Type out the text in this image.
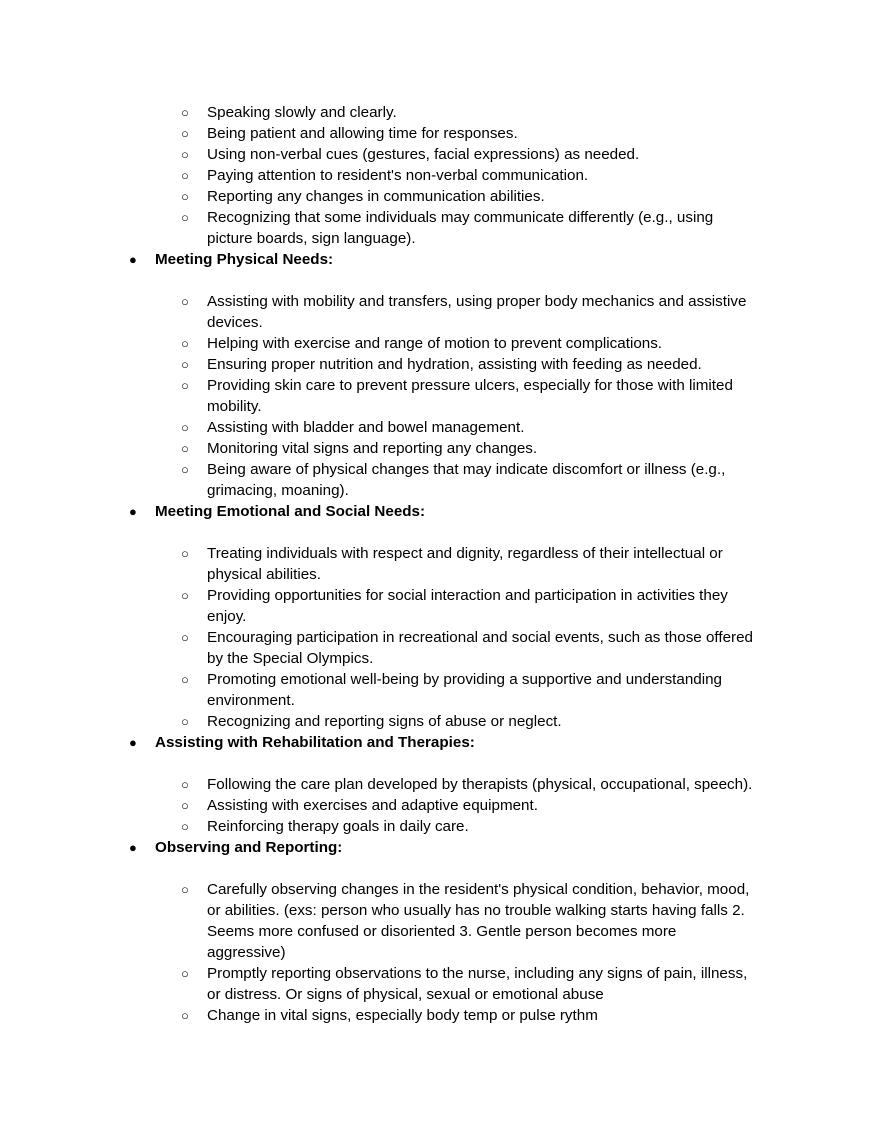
○ Speaking slowly and clearly.
○ Being patient and allowing time for responses.
○ Using non-verbal cues (gestures, facial expressions) as needed.
○ Paying attention to resident's non-verbal communication.
○ Reporting any changes in communication abilities.
○ Recognizing that some individuals may communicate differently (e.g., using
picture boards, sign language).
● Meeting Physical Needs:
○ Assisting with mobility and transfers, using proper body mechanics and assistive
devices.
○ Helping with exercise and range of motion to prevent complications.
○ Ensuring proper nutrition and hydration, assisting with feeding as needed.
○ Providing skin care to prevent pressure ulcers, especially for those with limited
mobility.
○ Assisting with bladder and bowel management.
○ Monitoring vital signs and reporting any changes.
○ Being aware of physical changes that may indicate discomfort or illness (e.g.,
grimacing, moaning).
● Meeting Emotional and Social Needs:
○ Treating individuals with respect and dignity, regardless of their intellectual or
physical abilities.
○ Providing opportunities for social interaction and participation in activities they
enjoy.
○ Encouraging participation in recreational and social events, such as those offered
by the Special Olympics.
○ Promoting emotional well-being by providing a supportive and understanding
environment.
○ Recognizing and reporting signs of abuse or neglect.
● Assisting with Rehabilitation and Therapies:
○ Following the care plan developed by therapists (physical, occupational, speech).
○ Assisting with exercises and adaptive equipment.
○ Reinforcing therapy goals in daily care.
● Observing and Reporting:
○ Carefully observing changes in the resident's physical condition, behavior, mood,
or abilities. (exs: person who usually has no trouble walking starts having falls 2.
Seems more confused or disoriented 3. Gentle person becomes more
aggressive)
○ Promptly reporting observations to the nurse, including any signs of pain, illness,
or distress. Or signs of physical, sexual or emotional abuse
○ Change in vital signs, especially body temp or pulse rythm
